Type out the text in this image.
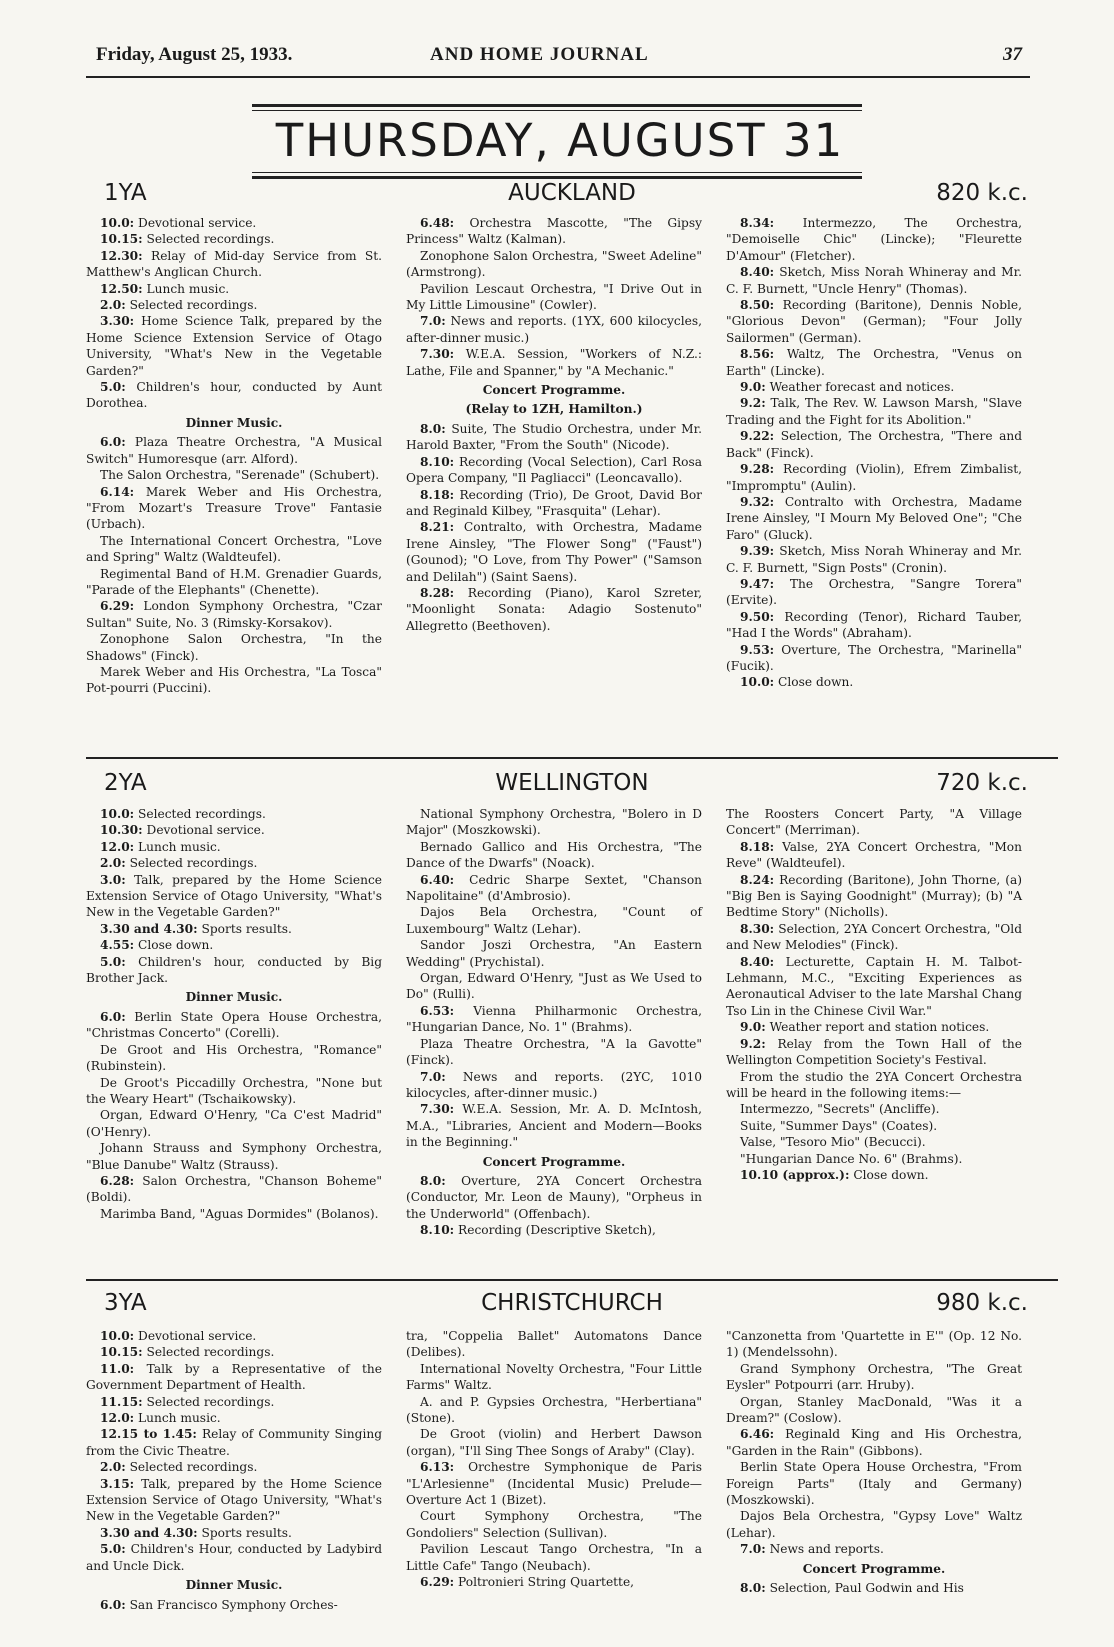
Friday, August 25, 1933.	AND HOME JOURNAL	37
THURSDAY, AUGUST 31
1YA	AUCKLAND	820 k.c.

10.0: Devotional service.

10.15: Selected recordings.

12.30: Relay of Mid-day Service from St. Matthew's Anglican Church.

12.50: Lunch music.

2.0: Selected recordings.

3.30: Home Science Talk, prepared by the Home Science Extension Service of Otago University, "What's New in the Vegetable Garden?"

5.0: Children's hour, conducted by Aunt Dorothea.

Dinner Music.

6.0: Plaza Theatre Orchestra, "A Musical Switch" Humoresque (arr. Alford).

The Salon Orchestra, "Serenade" (Schubert).

6.14: Marek Weber and His Orchestra, "From Mozart's Treasure Trove" Fantasie (Urbach).

The International Concert Orchestra, "Love and Spring" Waltz (Waldteufel).

Regimental Band of H.M. Grenadier Guards, "Parade of the Elephants" (Chenette).

6.29: London Symphony Orchestra, "Czar Sultan" Suite, No. 3 (Rimsky-Korsakov).

Zonophone Salon Orchestra, "In the Shadows" (Finck).

Marek Weber and His Orchestra, "La Tosca" Pot-pourri (Puccini).

6.48: Orchestra Mascotte, "The Gipsy Princess" Waltz (Kalman).

Zonophone Salon Orchestra, "Sweet Adeline" (Armstrong).

Pavilion Lescaut Orchestra, "I Drive Out in My Little Limousine" (Cowler).

7.0: News and reports. (1YX, 600 kilocycles, after-dinner music.)

7.30: W.E.A. Session, "Workers of N.Z.: Lathe, File and Spanner," by "A Mechanic."

Concert Programme.

(Relay to 1ZH, Hamilton.)

8.0: Suite, The Studio Orchestra, under Mr. Harold Baxter, "From the South" (Nicode).

8.10: Recording (Vocal Selection), Carl Rosa Opera Company, "Il Pagliacci" (Leoncavallo).

8.18: Recording (Trio), De Groot, David Bor and Reginald Kilbey, "Frasquita" (Lehar).

8.21: Contralto, with Orchestra, Madame Irene Ainsley, "The Flower Song" ("Faust") (Gounod); "O Love, from Thy Power" ("Samson and Delilah") (Saint Saens).

8.28: Recording (Piano), Karol Szreter, "Moonlight Sonata: Adagio Sostenuto" Allegretto (Beethoven).

8.34: Intermezzo, The Orchestra, "Demoiselle Chic" (Lincke); "Fleurette D'Amour" (Fletcher).

8.40: Sketch, Miss Norah Whineray and Mr. C. F. Burnett, "Uncle Henry" (Thomas).

8.50: Recording (Baritone), Dennis Noble, "Glorious Devon" (German); "Four Jolly Sailormen" (German).

8.56: Waltz, The Orchestra, "Venus on Earth" (Lincke).

9.0: Weather forecast and notices.

9.2: Talk, The Rev. W. Lawson Marsh, "Slave Trading and the Fight for its Abolition."

9.22: Selection, The Orchestra, "There and Back" (Finck).

9.28: Recording (Violin), Efrem Zimbalist, "Impromptu" (Aulin).

9.32: Contralto with Orchestra, Madame Irene Ainsley, "I Mourn My Beloved One"; "Che Faro" (Gluck).

9.39: Sketch, Miss Norah Whineray and Mr. C. F. Burnett, "Sign Posts" (Cronin).

9.47: The Orchestra, "Sangre Torera" (Ervite).

9.50: Recording (Tenor), Richard Tauber, "Had I the Words" (Abraham).

9.53: Overture, The Orchestra, "Marinella" (Fucik).

10.0: Close down.

2YA	WELLINGTON	720 k.c.

10.0: Selected recordings.

10.30: Devotional service.

12.0: Lunch music.

2.0: Selected recordings.

3.0: Talk, prepared by the Home Science Extension Service of Otago University, "What's New in the Vegetable Garden?"

3.30 and 4.30: Sports results.

4.55: Close down.

5.0: Children's hour, conducted by Big Brother Jack.

Dinner Music.

6.0: Berlin State Opera House Orchestra, "Christmas Concerto" (Corelli).

De Groot and His Orchestra, "Romance" (Rubinstein).

De Groot's Piccadilly Orchestra, "None but the Weary Heart" (Tschaikowsky).

Organ, Edward O'Henry, "Ca C'est Madrid" (O'Henry).

Johann Strauss and Symphony Orchestra, "Blue Danube" Waltz (Strauss).

6.28: Salon Orchestra, "Chanson Boheme" (Boldi).

Marimba Band, "Aguas Dormides" (Bolanos).

National Symphony Orchestra, "Bolero in D Major" (Moszkowski).

Bernado Gallico and His Orchestra, "The Dance of the Dwarfs" (Noack).

6.40: Cedric Sharpe Sextet, "Chanson Napolitaine" (d'Ambrosio).

Dajos Bela Orchestra, "Count of Luxembourg" Waltz (Lehar).

Sandor Joszi Orchestra, "An Eastern Wedding" (Prychistal).

Organ, Edward O'Henry, "Just as We Used to Do" (Rulli).

6.53: Vienna Philharmonic Orchestra, "Hungarian Dance, No. 1" (Brahms).

Plaza Theatre Orchestra, "A la Gavotte" (Finck).

7.0: News and reports. (2YC, 1010 kilocycles, after-dinner music.)

7.30: W.E.A. Session, Mr. A. D. McIntosh, M.A., "Libraries, Ancient and Modern—Books in the Beginning."

Concert Programme.

8.0: Overture, 2YA Concert Orchestra (Conductor, Mr. Leon de Mauny), "Orpheus in the Underworld" (Offenbach).

8.10: Recording (Descriptive Sketch),

The Roosters Concert Party, "A Village Concert" (Merriman).

8.18: Valse, 2YA Concert Orchestra, "Mon Reve" (Waldteufel).

8.24: Recording (Baritone), John Thorne, (a) "Big Ben is Saying Goodnight" (Murray); (b) "A Bedtime Story" (Nicholls).

8.30: Selection, 2YA Concert Orchestra, "Old and New Melodies" (Finck).

8.40: Lecturette, Captain H. M. Talbot-Lehmann, M.C., "Exciting Experiences as Aeronautical Adviser to the late Marshal Chang Tso Lin in the Chinese Civil War."

9.0: Weather report and station notices.

9.2: Relay from the Town Hall of the Wellington Competition Society's Festival.

From the studio the 2YA Concert Orchestra will be heard in the following items:—

Intermezzo, "Secrets" (Ancliffe).

Suite, "Summer Days" (Coates).

Valse, "Tesoro Mio" (Becucci).

"Hungarian Dance No. 6" (Brahms).

10.10 (approx.): Close down.

3YA	CHRISTCHURCH	980 k.c.

10.0: Devotional service.

10.15: Selected recordings.

11.0: Talk by a Representative of the Government Department of Health.

11.15: Selected recordings.

12.0: Lunch music.

12.15 to 1.45: Relay of Community Singing from the Civic Theatre.

2.0: Selected recordings.

3.15: Talk, prepared by the Home Science Extension Service of Otago University, "What's New in the Vegetable Garden?"

3.30 and 4.30: Sports results.

5.0: Children's Hour, conducted by Ladybird and Uncle Dick.

Dinner Music.

6.0: San Francisco Symphony Orches-

tra, "Coppelia Ballet" Automatons Dance (Delibes).

International Novelty Orchestra, "Four Little Farms" Waltz.

A. and P. Gypsies Orchestra, "Herbertiana" (Stone).

De Groot (violin) and Herbert Dawson (organ), "I'll Sing Thee Songs of Araby" (Clay).

6.13: Orchestre Symphonique de Paris "L'Arlesienne" (Incidental Music) Prelude—Overture Act 1 (Bizet).

Court Symphony Orchestra, "The Gondoliers" Selection (Sullivan).

Pavilion Lescaut Tango Orchestra, "In a Little Cafe" Tango (Neubach).

6.29: Poltronieri String Quartette,

"Canzonetta from 'Quartette in E'" (Op. 12 No. 1) (Mendelssohn).

Grand Symphony Orchestra, "The Great Eysler" Potpourri (arr. Hruby).

Organ, Stanley MacDonald, "Was it a Dream?" (Coslow).

6.46: Reginald King and His Orchestra, "Garden in the Rain" (Gibbons).

Berlin State Opera House Orchestra, "From Foreign Parts" (Italy and Germany) (Moszkowski).

Dajos Bela Orchestra, "Gypsy Love" Waltz (Lehar).

7.0: News and reports.

Concert Programme.

8.0: Selection, Paul Godwin and His
